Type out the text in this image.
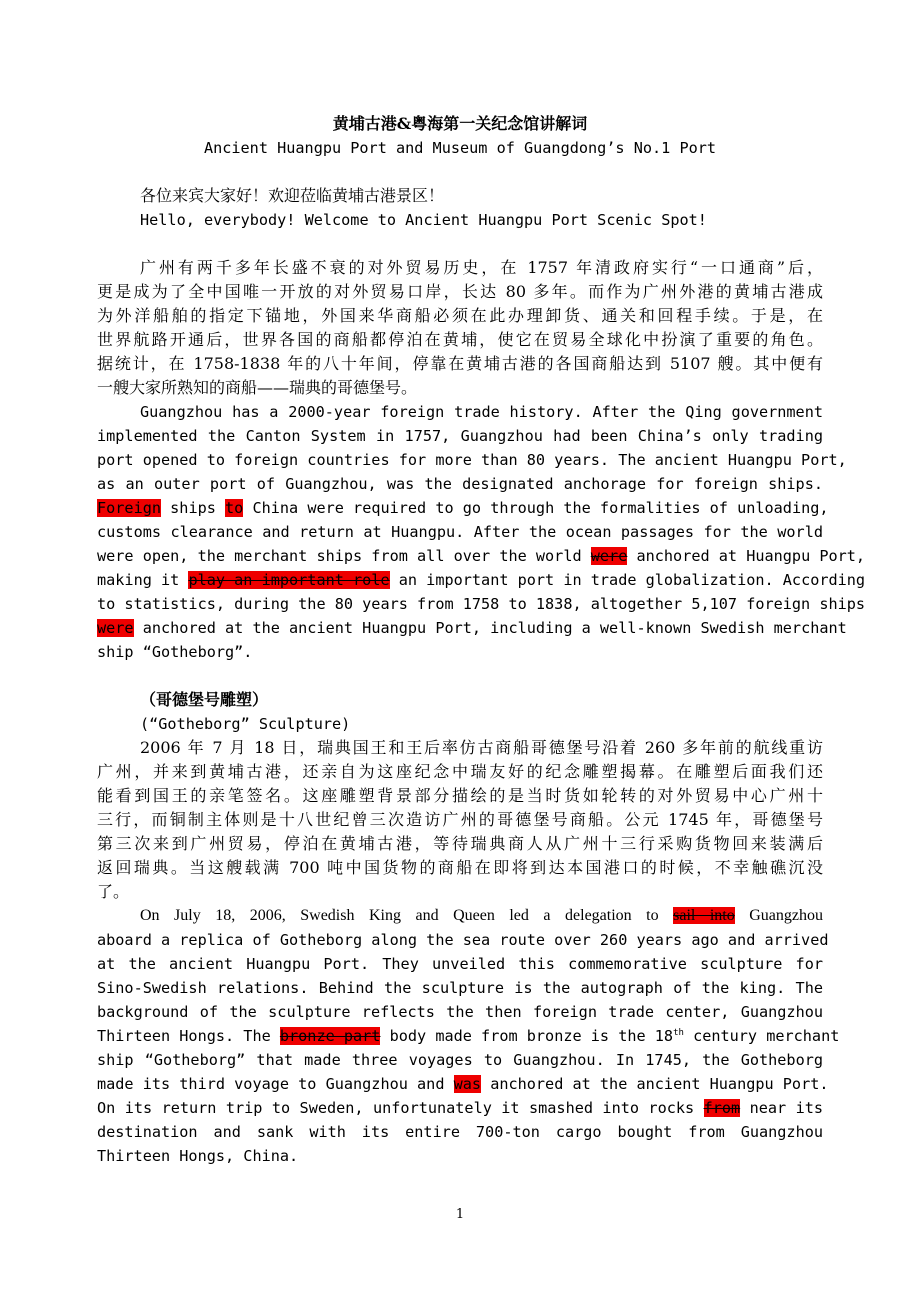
黄埔古港&粤海第一关纪念馆讲解词
Ancient Huangpu Port and Museum of Guangdong’s No.1 Port
各位来宾大家好！欢迎莅临黄埔古港景区！
Hello, everybody! Welcome to Ancient Huangpu Port Scenic Spot!
广州有两千多年长盛不衰的对外贸易历史，在 1757 年清政府实行“一口通商”后，
更是成为了全中国唯一开放的对外贸易口岸，长达 80 多年。而作为广州外港的黄埔古港成
为外洋船舶的指定下锚地，外国来华商船必须在此办理卸货、通关和回程手续。于是，在
世界航路开通后，世界各国的商船都停泊在黄埔，使它在贸易全球化中扮演了重要的角色。
据统计，在 1758-1838 年的八十年间，停靠在黄埔古港的各国商船达到 5107 艘。其中便有
一艘大家所熟知的商船——瑞典的哥德堡号。
Guangzhou has a 2000-year foreign trade history. After the Qing government
implemented the Canton System in 1757, Guangzhou had been China’s only trading
port opened to foreign countries for more than 80 years. The ancient Huangpu Port,
as an outer port of Guangzhou, was the designated anchorage for foreign ships.
Foreign ships to China were required to go through the formalities of unloading,
customs clearance and return at Huangpu. After the ocean passages for the world
were open, the merchant ships from all over the world were anchored at Huangpu Port,
making it play an important role an important port in trade globalization. According
to statistics, during the 80 years from 1758 to 1838, altogether 5,107 foreign ships
were anchored at the ancient Huangpu Port, including a well-known Swedish merchant
ship “Gotheborg”.
（哥德堡号雕塑）
(“Gotheborg” Sculpture)
2006 年 7 月 18 日，瑞典国王和王后率仿古商船哥德堡号沿着 260 多年前的航线重访
广州，并来到黄埔古港，还亲自为这座纪念中瑞友好的纪念雕塑揭幕。在雕塑后面我们还
能看到国王的亲笔签名。这座雕塑背景部分描绘的是当时货如轮转的对外贸易中心广州十
三行，而铜制主体则是十八世纪曾三次造访广州的哥德堡号商船。公元 1745 年，哥德堡号
第三次来到广州贸易，停泊在黄埔古港，等待瑞典商人从广州十三行采购货物回来装满后
返回瑞典。当这艘载满 700 吨中国货物的商船在即将到达本国港口的时候，不幸触礁沉没
了。
On July 18, 2006, Swedish King and Queen led a delegation to sail into Guangzhou
aboard a replica of Gotheborg along the sea route over 260 years ago and arrived
at the ancient Huangpu Port. They unveiled this commemorative sculpture for
Sino-Swedish relations. Behind the sculpture is the autograph of the king. The
background of the sculpture reflects the then foreign trade center, Guangzhou
Thirteen Hongs. The bronze part body made from bronze is the 18th century merchant
ship “Gotheborg” that made three voyages to Guangzhou. In 1745, the Gotheborg
made its third voyage to Guangzhou and was anchored at the ancient Huangpu Port.
On its return trip to Sweden, unfortunately it smashed into rocks from near its
destination and sank with its entire 700-ton cargo bought from Guangzhou
Thirteen Hongs, China.
1
